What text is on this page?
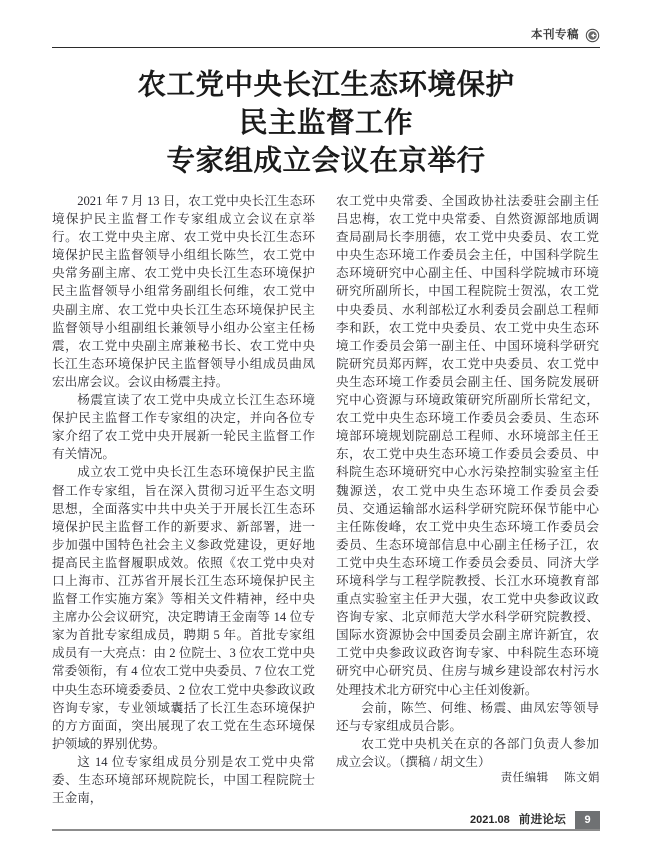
本刊专稿
农工党中央长江生态环境保护
民主监督工作
专家组成立会议在京举行

2021 年 7 月 13 日，农工党中央长江生态环境保护民主监督工作专家组成立会议在京举行。农工党中央主席、农工党中央长江生态环境保护民主监督领导小组组长陈竺，农工党中央常务副主席、农工党中央长江生态环境保护民主监督领导小组常务副组长何维，农工党中央副主席、农工党中央长江生态环境保护民主监督领导小组副组长兼领导小组办公室主任杨震，农工党中央副主席兼秘书长、农工党中央长江生态环境保护民主监督领导小组成员曲凤宏出席会议。会议由杨震主持。

杨震宣读了农工党中央成立长江生态环境保护民主监督工作专家组的决定，并向各位专家介绍了农工党中央开展新一轮民主监督工作有关情况。

成立农工党中央长江生态环境保护民主监督工作专家组，旨在深入贯彻习近平生态文明思想，全面落实中共中央关于开展长江生态环境保护民主监督工作的新要求、新部署，进一步加强中国特色社会主义参政党建设，更好地提高民主监督履职成效。依照《农工党中央对口上海市、江苏省开展长江生态环境保护民主监督工作实施方案》等相关文件精神，经中央主席办公会议研究，决定聘请王金南等 14 位专家为首批专家组成员，聘期 5 年。首批专家组成员有一大亮点：由 2 位院士、3 位农工党中央常委领衔，有 4 位农工党中央委员、7 位农工党中央生态环境委委员、2 位农工党中央参政议政咨询专家，专业领域囊括了长江生态环境保护的方方面面，突出展现了农工党在生态环境保护领域的界别优势。

这 14 位专家组成员分别是农工党中央常委、生态环境部环规院院长，中国工程院院士王金南，

农工党中央常委、全国政协社法委驻会副主任吕忠梅，农工党中央常委、自然资源部地质调查局副局长李朋德，农工党中央委员、农工党中央生态环境工作委员会主任，中国科学院生态环境研究中心副主任、中国科学院城市环境研究所副所长，中国工程院院士贺泓，农工党中央委员、水利部松辽水利委员会副总工程师李和跃，农工党中央委员、农工党中央生态环境工作委员会第一副主任、中国环境科学研究院研究员郑丙辉，农工党中央委员、农工党中央生态环境工作委员会副主任、国务院发展研究中心资源与环境政策研究所副所长常纪文，农工党中央生态环境工作委员会委员、生态环境部环境规划院副总工程师、水环境部主任王东，农工党中央生态环境工作委员会委员、中科院生态环境研究中心水污染控制实验室主任魏源送，农工党中央生态环境工作委员会委员、交通运输部水运科学研究院环保节能中心主任陈俊峰，农工党中央生态环境工作委员会委员、生态环境部信息中心副主任杨子江，农工党中央生态环境工作委员会委员、同济大学环境科学与工程学院教授、长江水环境教育部重点实验室主任尹大强，农工党中央参政议政咨询专家、北京师范大学水科学研究院教授、国际水资源协会中国委员会副主席许新宜，农工党中央参政议政咨询专家、中科院生态环境研究中心研究员、住房与城乡建设部农村污水处理技术北方研究中心主任刘俊新。

会前，陈竺、何维、杨震、曲凤宏等领导还与专家组成员合影。

农工党中央机关在京的各部门负责人参加成立会议。（撰稿 / 胡文生）

责任编辑 陈文娟
2021.08 前进论坛	9
